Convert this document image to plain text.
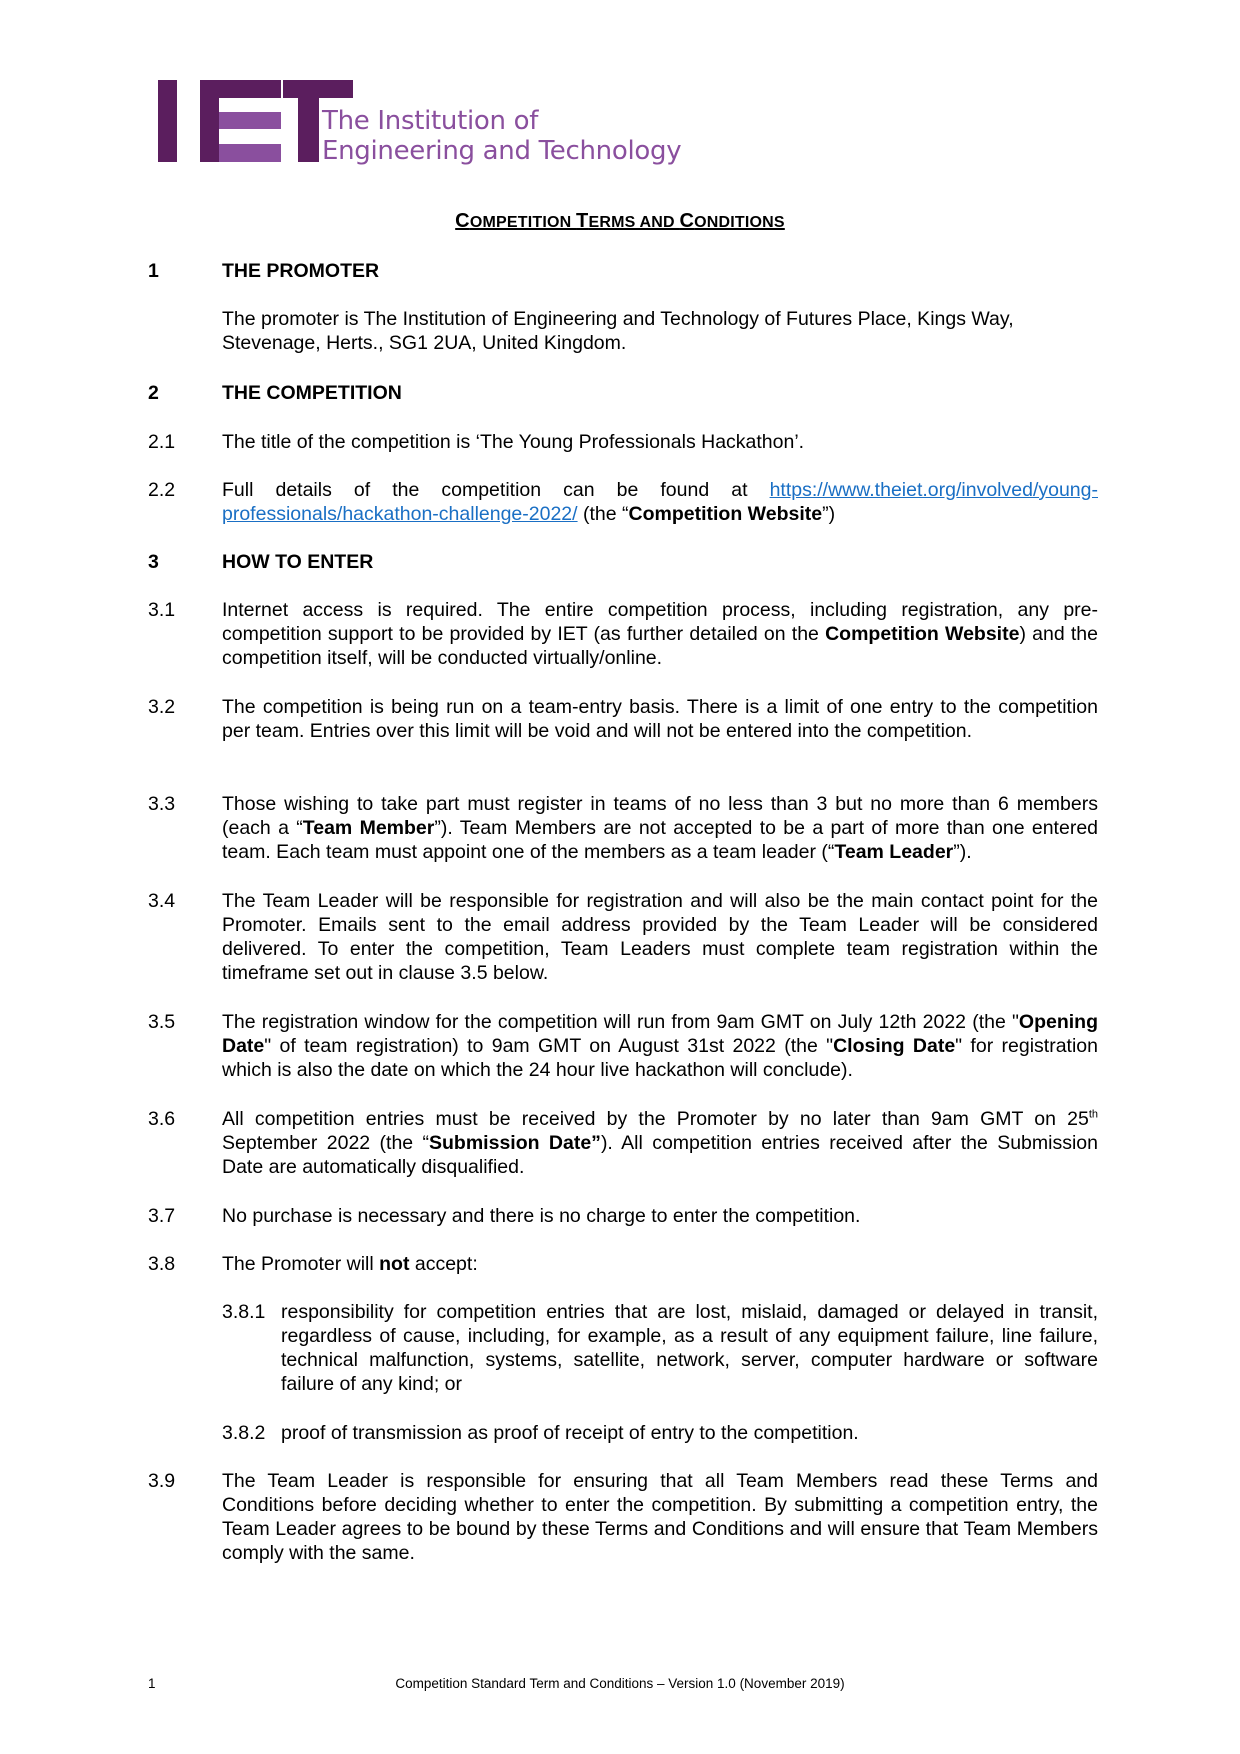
The Institution of
Engineering and Technology
COMPETITION TERMS AND CONDITIONS
1	THE PROMOTER
The promoter is The Institution of Engineering and Technology of Futures Place, Kings Way, Stevenage, Herts., SG1 2UA, United Kingdom.
2	THE COMPETITION
2.1 The title of the competition is ‘The Young Professionals Hackathon’.
2.2 Full details of the competition can be found at https://www.theiet.org/involved/young-professionals/hackathon-challenge-2022/ (the “Competition Website”)
3	HOW TO ENTER
3.1 Internet access is required. The entire competition process, including registration, any pre-competition support to be provided by IET (as further detailed on the Competition Website) and the competition itself, will be conducted virtually/online.
3.2 The competition is being run on a team-entry basis. There is a limit of one entry to the competition per team. Entries over this limit will be void and will not be entered into the competition.
3.3 Those wishing to take part must register in teams of no less than 3 but no more than 6 members (each a “Team Member”). Team Members are not accepted to be a part of more than one entered team. Each team must appoint one of the members as a team leader (“Team Leader”).
3.4 The Team Leader will be responsible for registration and will also be the main contact point for the Promoter. Emails sent to the email address provided by the Team Leader will be considered delivered. To enter the competition, Team Leaders must complete team registration within the timeframe set out in clause 3.5 below.
3.5 The registration window for the competition will run from 9am GMT on July 12th 2022 (the "Opening Date" of team registration) to 9am GMT on August 31st 2022 (the "Closing Date" for registration which is also the date on which the 24 hour live hackathon will conclude).
3.6 All competition entries must be received by the Promoter by no later than 9am GMT on 25th September 2022 (the “Submission Date”). All competition entries received after the Submission Date are automatically disqualified.
3.7 No purchase is necessary and there is no charge to enter the competition.
3.8 The Promoter will not accept:
3.8.1 responsibility for competition entries that are lost, mislaid, damaged or delayed in transit, regardless of cause, including, for example, as a result of any equipment failure, line failure, technical malfunction, systems, satellite, network, server, computer hardware or software failure of any kind; or
3.8.2 proof of transmission as proof of receipt of entry to the competition.
3.9 The Team Leader is responsible for ensuring that all Team Members read these Terms and Conditions before deciding whether to enter the competition. By submitting a competition entry, the Team Leader agrees to be bound by these Terms and Conditions and will ensure that Team Members comply with the same.
1	Competition Standard Term and Conditions – Version 1.0 (November 2019)
